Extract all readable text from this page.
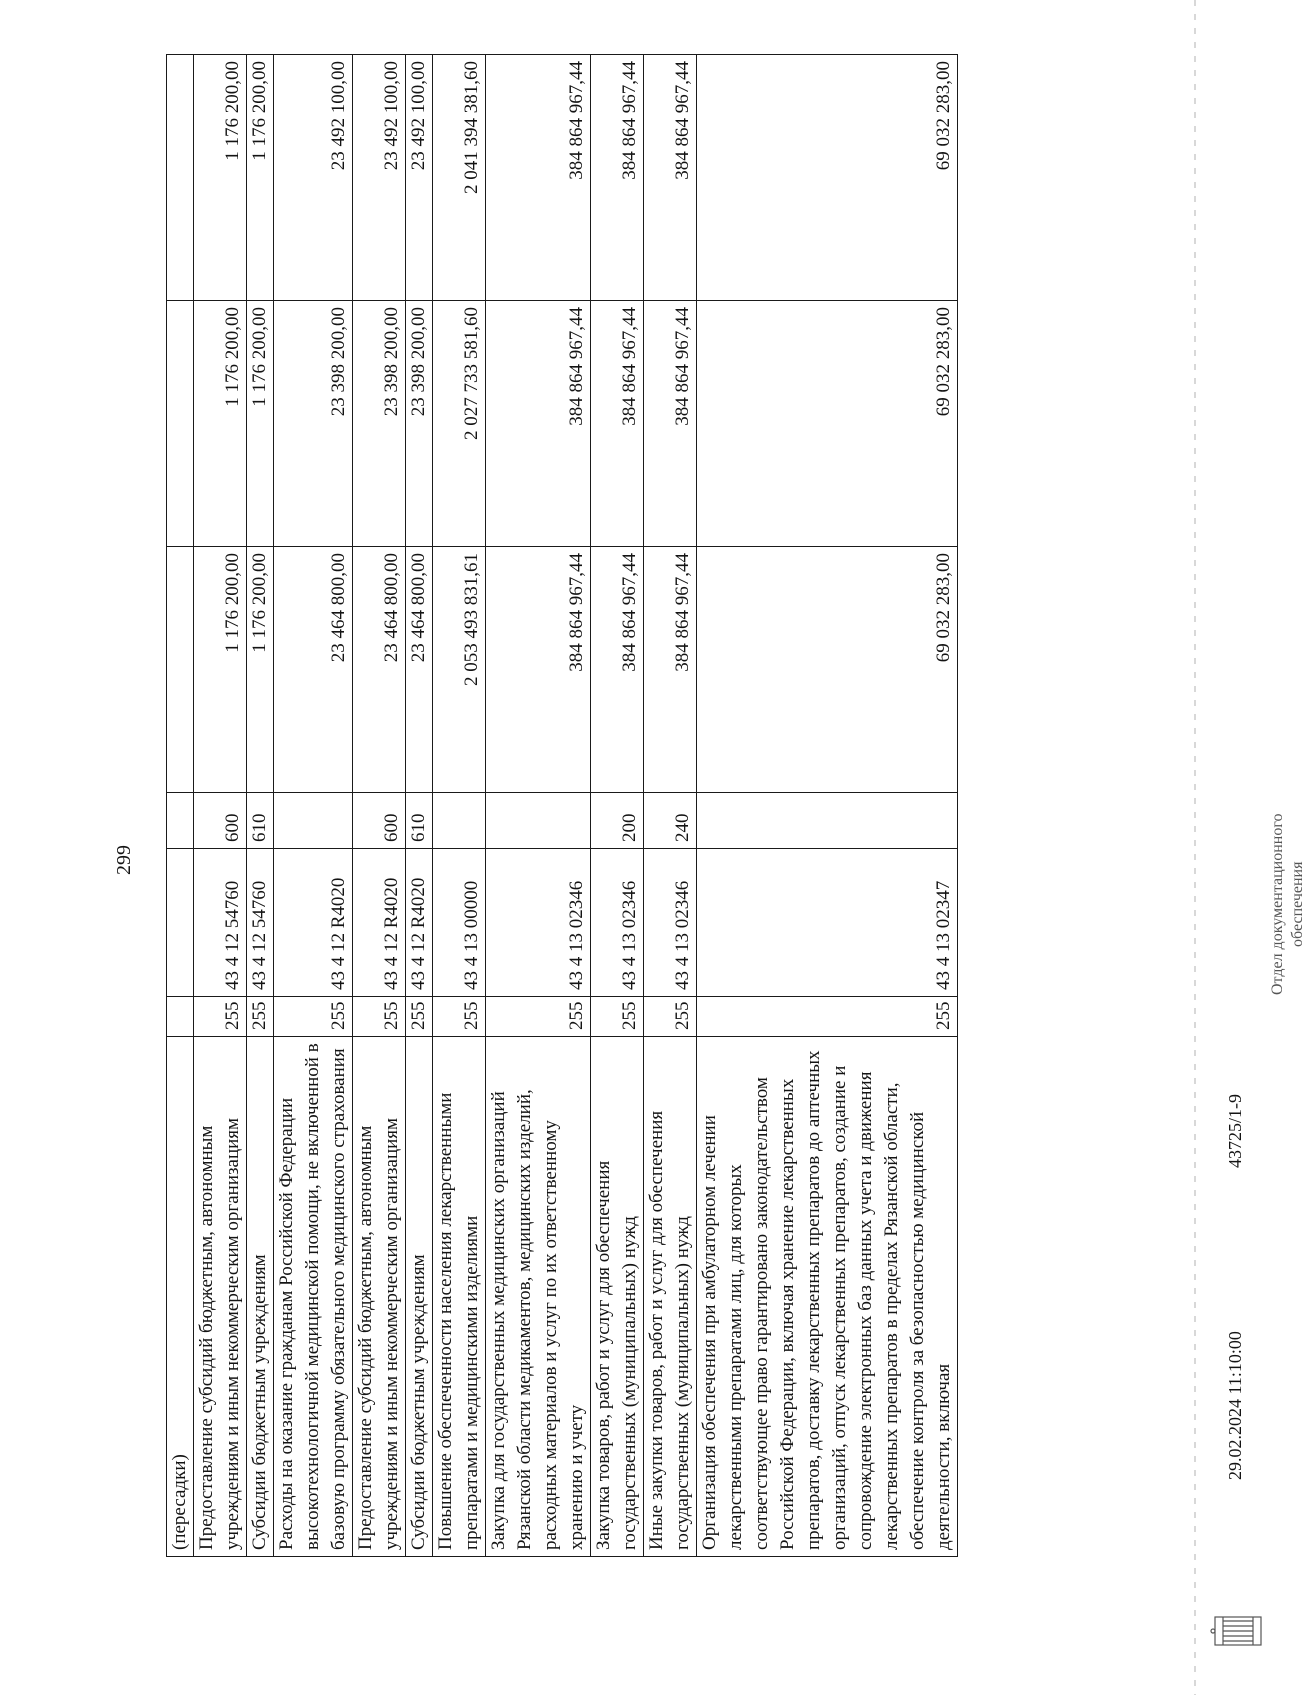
299
(пересадки)						
Предоставление субсидий бюджетным, автономным учреждениям и иным некоммерческим организациям	255	43 4 12 54760	600	1 176 200,00	1 176 200,00	1 176 200,00
Субсидии бюджетным учреждениям	255	43 4 12 54760	610	1 176 200,00	1 176 200,00	1 176 200,00
Расходы на оказание гражданам Российской Федерации высокотехнологичной медицинской помощи, не включенной в базовую программу обязательного медицинского страхования	255	43 4 12 R4020		23 464 800,00	23 398 200,00	23 492 100,00
Предоставление субсидий бюджетным, автономным учреждениям и иным некоммерческим организациям	255	43 4 12 R4020	600	23 464 800,00	23 398 200,00	23 492 100,00
Субсидии бюджетным учреждениям	255	43 4 12 R4020	610	23 464 800,00	23 398 200,00	23 492 100,00
Повышение обеспеченности населения лекарственными препаратами и медицинскими изделиями	255	43 4 13 00000		2 053 493 831,61	2 027 733 581,60	2 041 394 381,60
Закупка для государственных медицинских организаций Рязанской области медикаментов, медицинских изделий, расходных материалов и услуг по их ответственному хранению и учету	255	43 4 13 02346		384 864 967,44	384 864 967,44	384 864 967,44
Закупка товаров, работ и услуг для обеспечения государственных (муниципальных) нужд	255	43 4 13 02346	200	384 864 967,44	384 864 967,44	384 864 967,44
Иные закупки товаров, работ и услуг для обеспечения государственных (муниципальных) нужд	255	43 4 13 02346	240	384 864 967,44	384 864 967,44	384 864 967,44
Организация обеспечения при амбулаторном лечении лекарственными препаратами лиц, для которых соответствующее право гарантировано законодательством Российской Федерации, включая хранение лекарственных препаратов, доставку лекарственных препаратов до аптечных организаций, отпуск лекарственных препаратов, создание и сопровождение электронных баз данных учета и движения лекарственных препаратов в пределах Рязанской области, обеспечение контроля за безопасностью медицинской деятельности, включая	255	43 4 13 02347		69 032 283,00	69 032 283,00	69 032 283,00
29.02.2024 11:10:00
43725/1-9
Отдел документационного обеспечения
